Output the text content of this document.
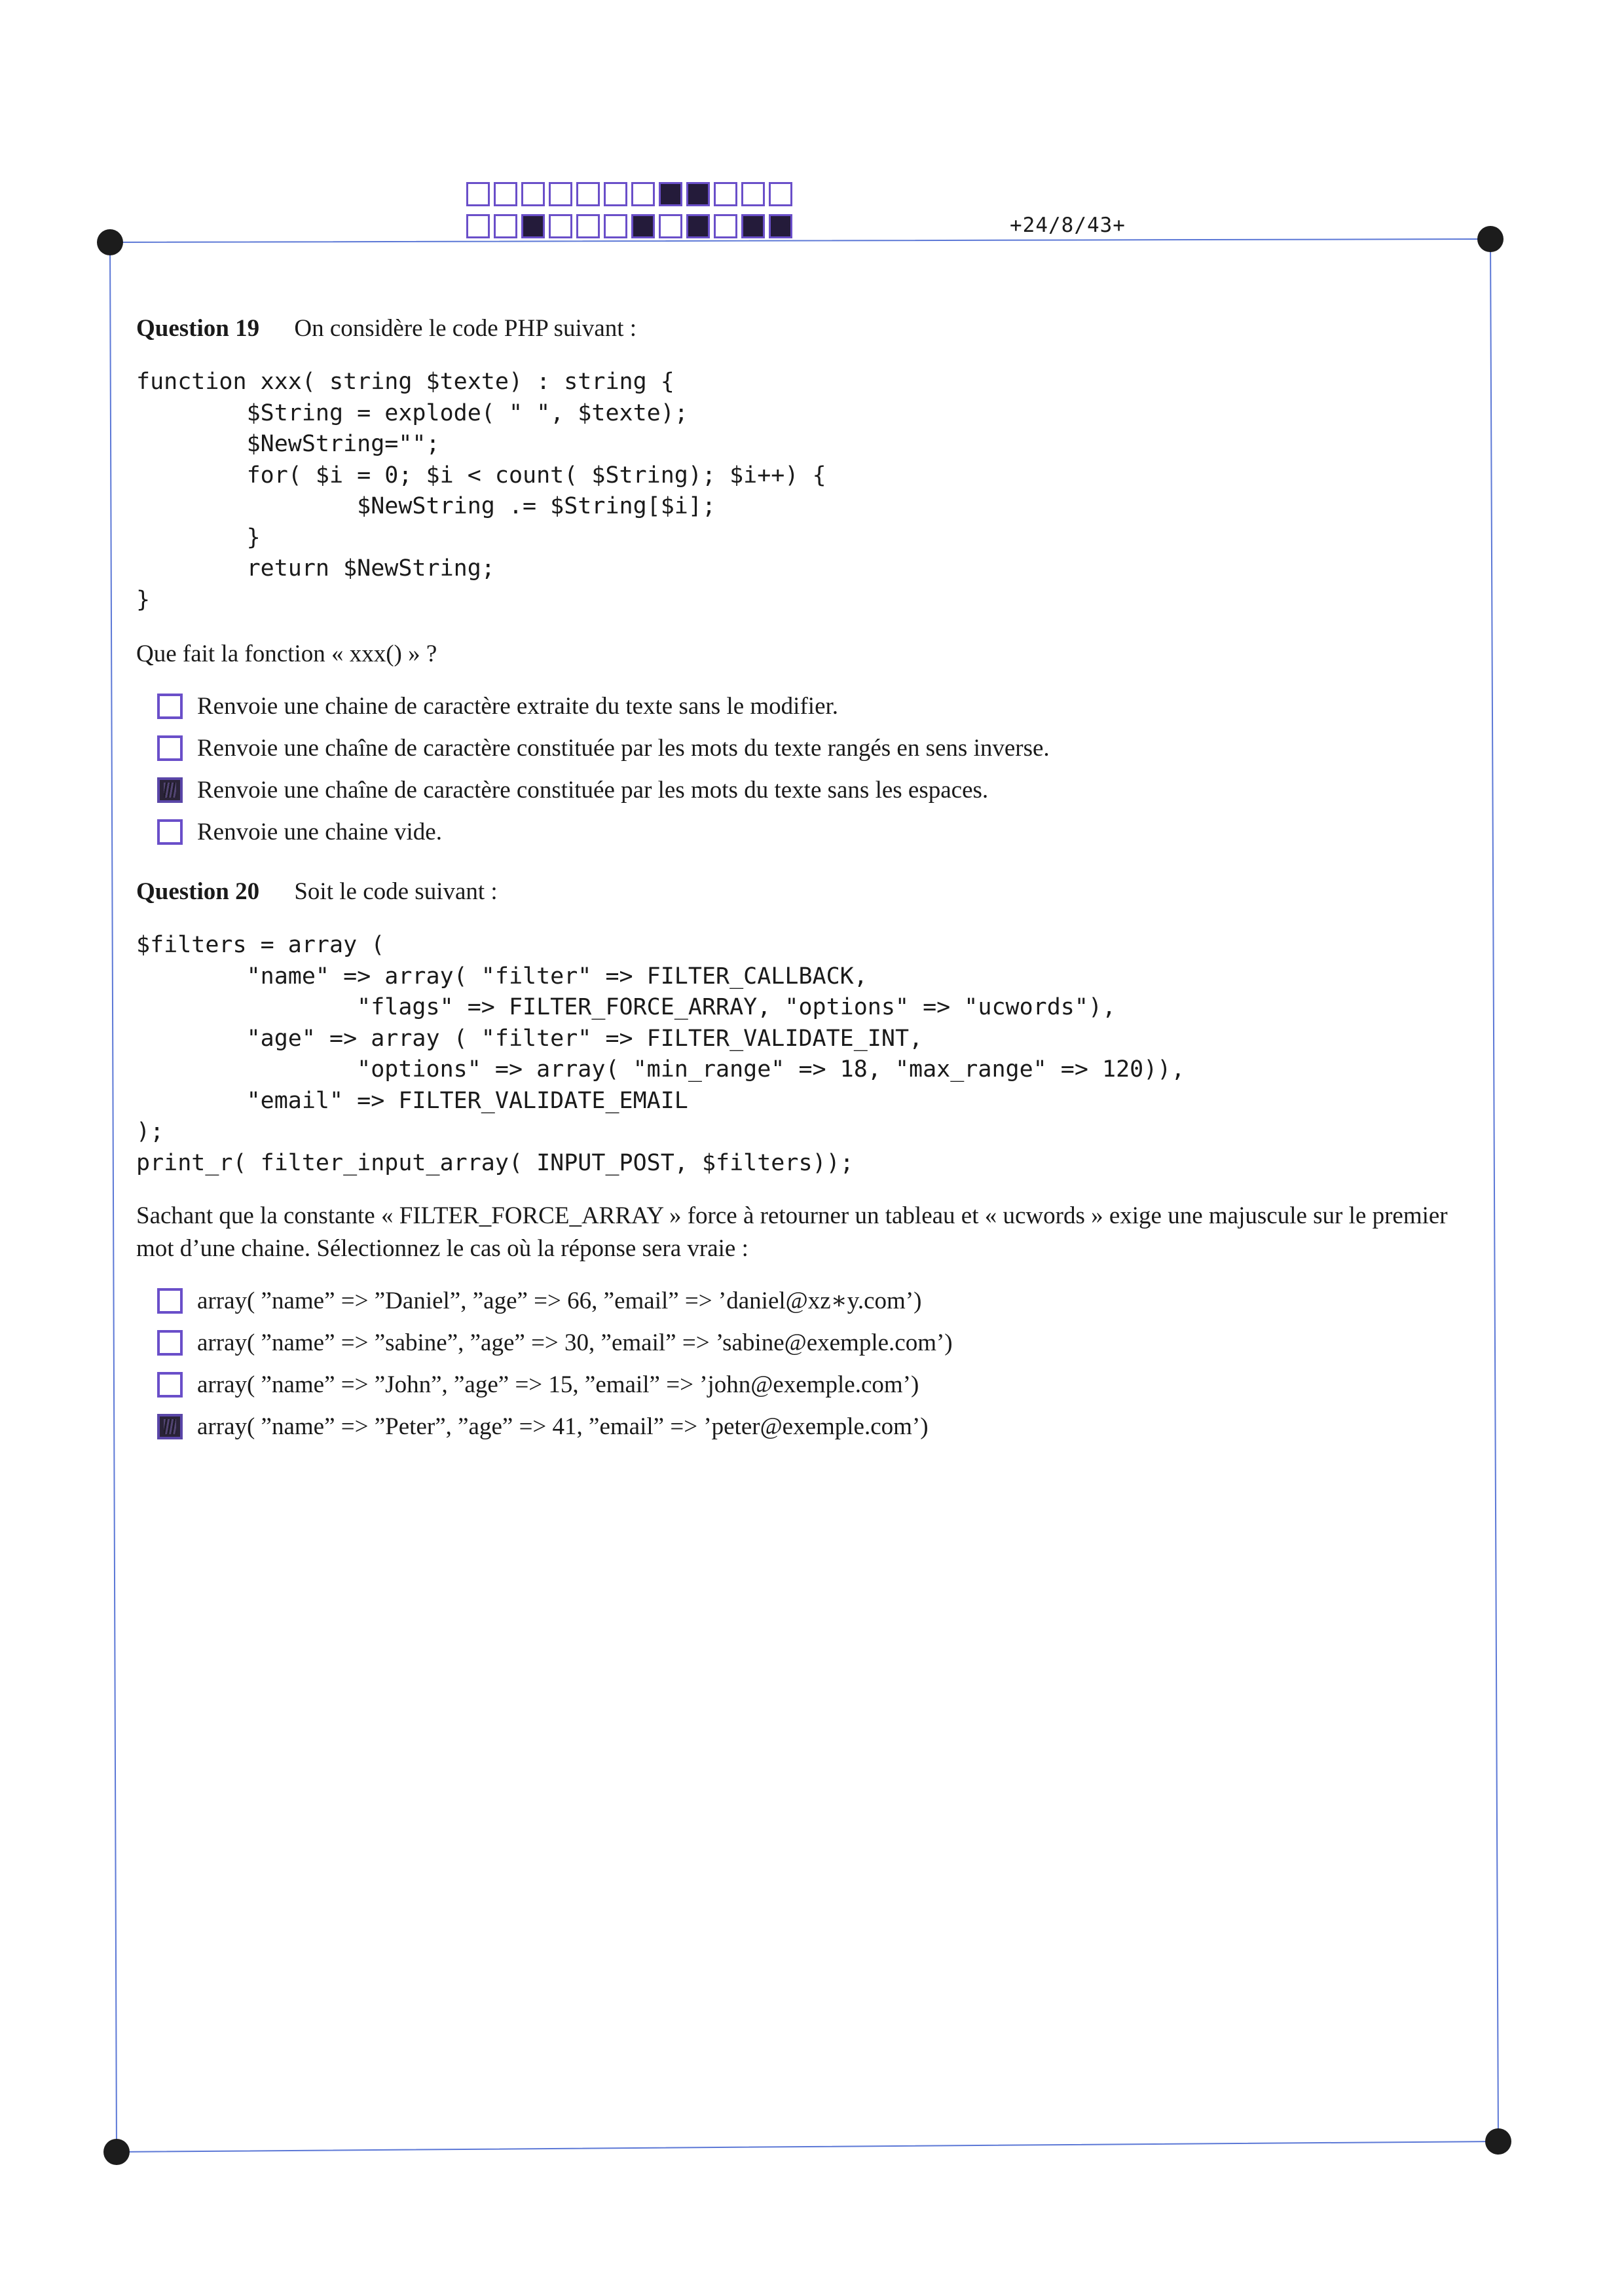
+24/8/43+
Question 19 On considère le code PHP suivant :
function xxx( string $texte) : string {
$String = explode( " ", $texte);
$NewString="";
for( $i = 0; $i < count( $String); $i++) {
$NewString .= $String[$i];
}
return $NewString;
}
Que fait la fonction « xxx() » ?
Renvoie une chaine de caractère extraite du texte sans le modifier.
Renvoie une chaîne de caractère constituée par les mots du texte rangés en sens inverse.
Renvoie une chaîne de caractère constituée par les mots du texte sans les espaces.
Renvoie une chaine vide.
Question 20 Soit le code suivant :
$filters = array (
"name" => array( "filter" => FILTER_CALLBACK,
"flags" => FILTER_FORCE_ARRAY, "options" => "ucwords"),
"age" => array ( "filter" => FILTER_VALIDATE_INT,
"options" => array( "min_range" => 18, "max_range" => 120)),
"email" => FILTER_VALIDATE_EMAIL
);
print_r( filter_input_array( INPUT_POST, $filters));
Sachant que la constante « FILTER_FORCE_ARRAY » force à retourner un tableau et « ucwords » exige une majuscule sur le premier mot d’une chaine. Sélectionnez le cas où la réponse sera vraie :
array( ”name” => ”Daniel”, ”age” => 66, ”email” => ’daniel@xz∗y.com’)
array( ”name” => ”sabine”, ”age” => 30, ”email” => ’sabine@exemple.com’)
array( ”name” => ”John”, ”age” => 15, ”email” => ’john@exemple.com’)
array( ”name” => ”Peter”, ”age” => 41, ”email” => ’peter@exemple.com’)
